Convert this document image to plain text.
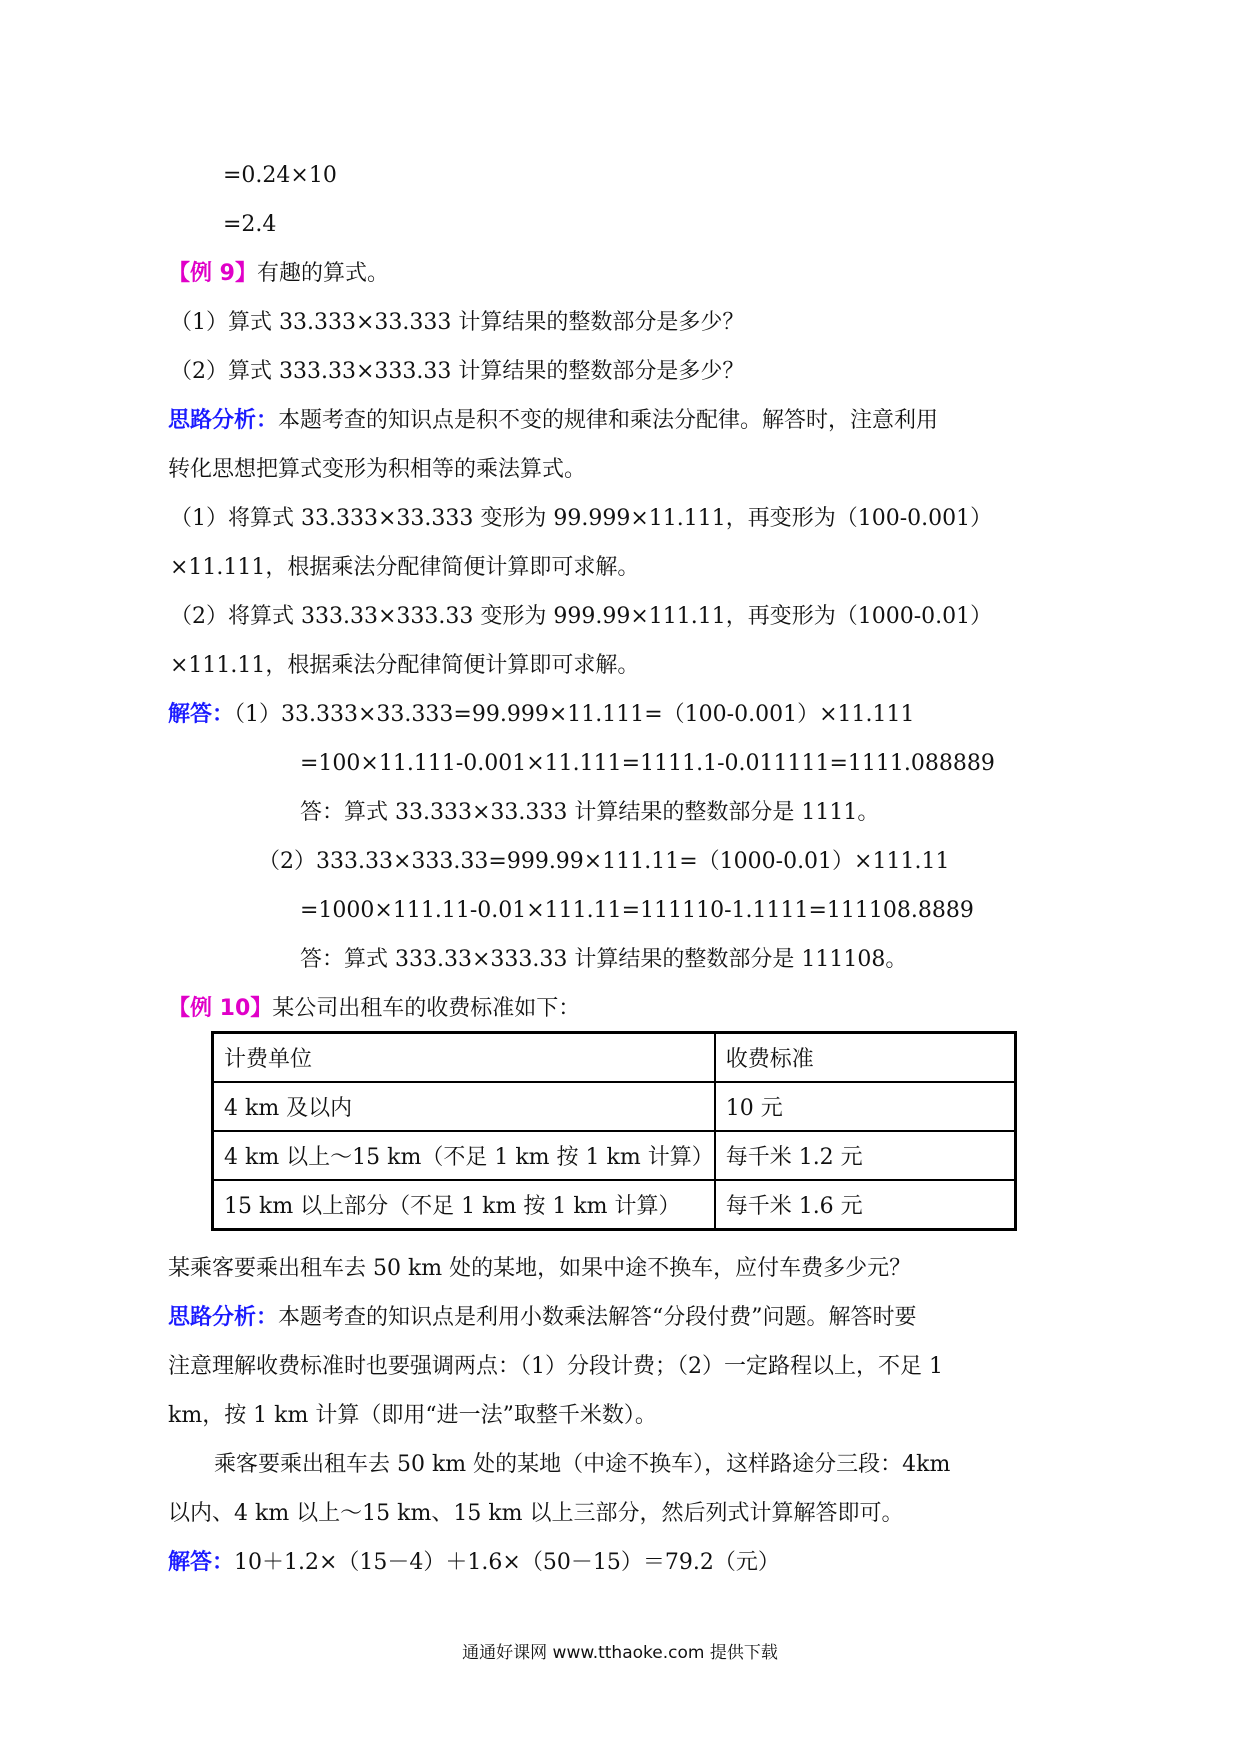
=0.24×10
=2.4
【例 9】有趣的算式。
（1）算式 33.333×33.333 计算结果的整数部分是多少？
（2）算式 333.33×333.33 计算结果的整数部分是多少？
思路分析：本题考查的知识点是积不变的规律和乘法分配律。解答时，注意利用
转化思想把算式变形为积相等的乘法算式。
（1）将算式 33.333×33.333 变形为 99.999×11.111，再变形为（100-0.001）
×11.111，根据乘法分配律简便计算即可求解。
（2）将算式 333.33×333.33 变形为 999.99×111.11，再变形为（1000-0.01）
×111.11，根据乘法分配律简便计算即可求解。
解答：（1）33.333×33.333=99.999×11.111=（100-0.001）×11.111
=100×11.111-0.001×11.111=1111.1-0.011111=1111.088889
答：算式 33.333×33.333 计算结果的整数部分是 1111。
（2）333.33×333.33=999.99×111.11=（1000-0.01）×111.11
=1000×111.11-0.01×111.11=111110-1.1111=111108.8889
答：算式 333.33×333.33 计算结果的整数部分是 111108。
【例 10】某公司出租车的收费标准如下：
计费单位	收费标准
4 km 及以内	10 元
4 km 以上～15 km（不足 1 km 按 1 km 计算）	每千米 1.2 元
15 km 以上部分（不足 1 km 按 1 km 计算）	每千米 1.6 元
某乘客要乘出租车去 50 km 处的某地，如果中途不换车，应付车费多少元？
思路分析：本题考查的知识点是利用小数乘法解答“分段付费”问题。解答时要
注意理解收费标准时也要强调两点：（1）分段计费；（2）一定路程以上，不足 1
km，按 1 km 计算（即用“进一法”取整千米数）。
乘客要乘出租车去 50 km 处的某地（中途不换车），这样路途分三段：4km
以内、4 km 以上～15 km、15 km 以上三部分，然后列式计算解答即可。
解答：10＋1.2×（15－4）＋1.6×（50－15）＝79.2（元）
通通好课网 www.tthaoke.com 提供下载
